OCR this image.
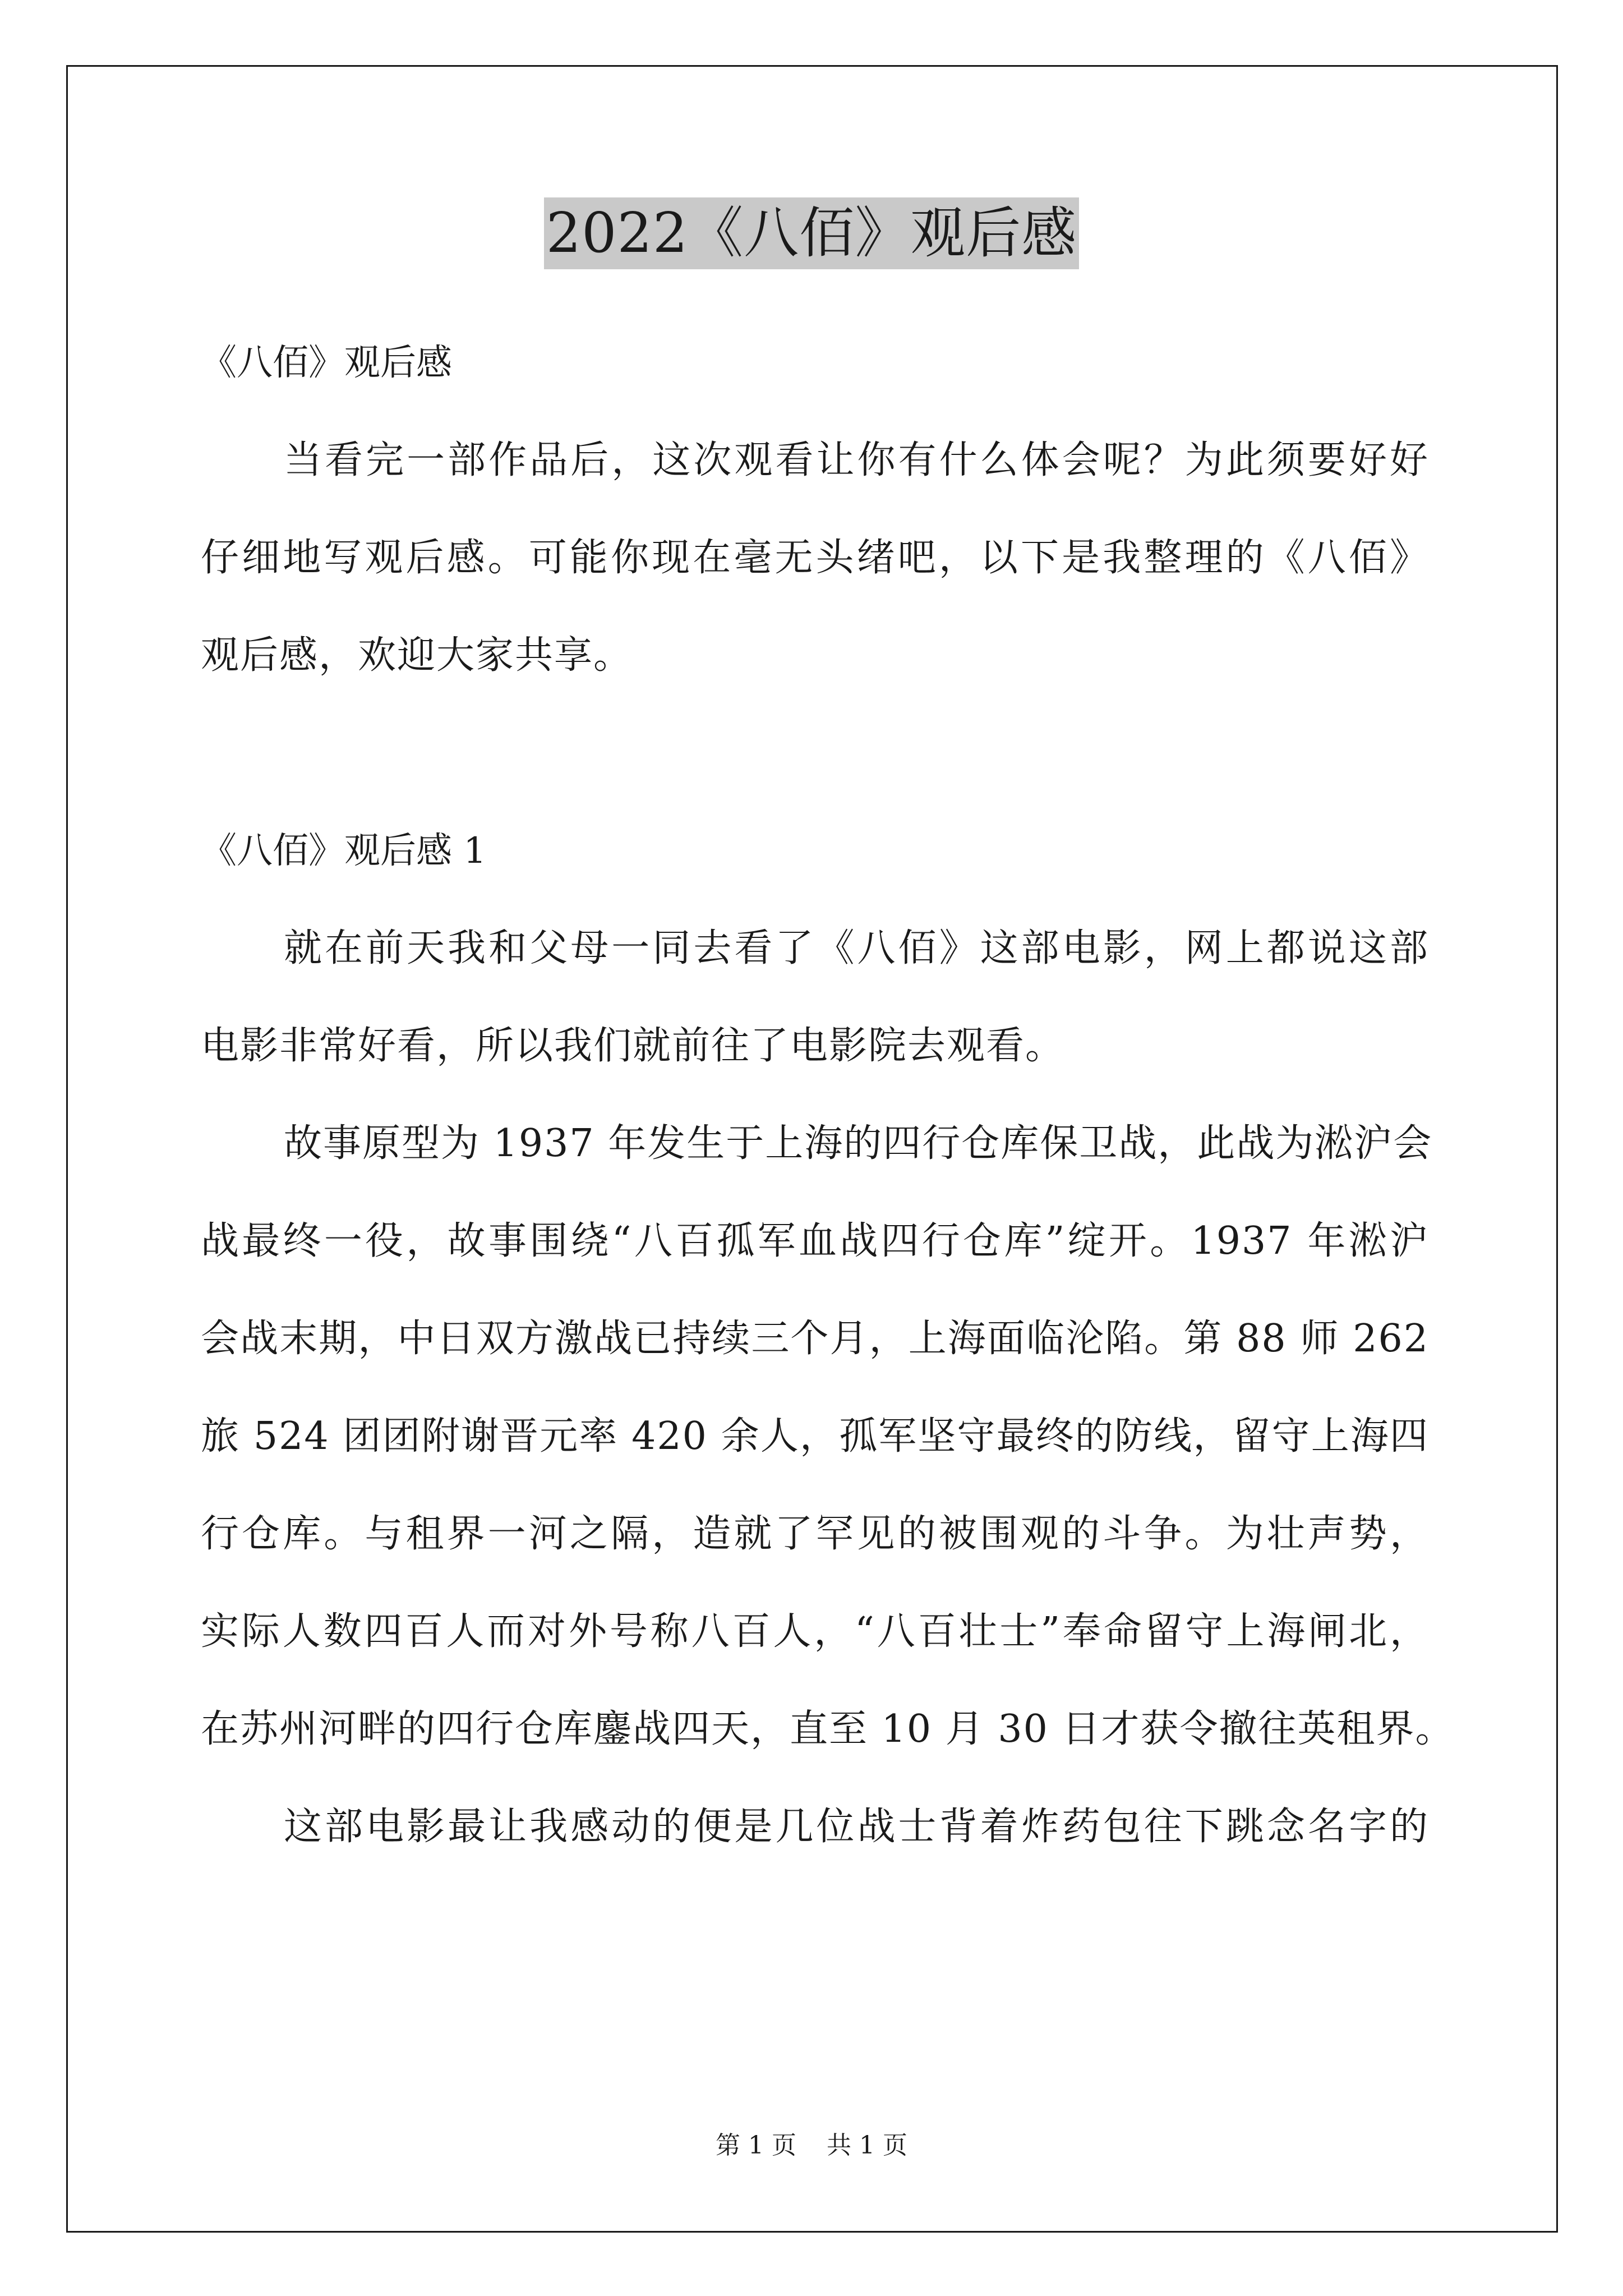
2022《八佰》观后感
《八佰》观后感
当看完一部作品后，这次观看让你有什么体会呢？为此须要好好
仔细地写观后感。可能你现在毫无头绪吧，以下是我整理的《八佰》
观后感，欢迎大家共享。
《八佰》观后感 1
就在前天我和父母一同去看了《八佰》这部电影，网上都说这部
电影非常好看，所以我们就前往了电影院去观看。
故事原型为 1937 年发生于上海的四行仓库保卫战，此战为淞沪会
战最终一役，故事围绕“八百孤军血战四行仓库”绽开。1937 年淞沪
会战末期，中日双方激战已持续三个月，上海面临沦陷。第 88 师 262
旅 524 团团附谢晋元率 420 余人，孤军坚守最终的防线，留守上海四
行仓库。与租界一河之隔，造就了罕见的被围观的斗争。为壮声势，
实际人数四百人而对外号称八百人，“八百壮士”奉命留守上海闸北，
在苏州河畔的四行仓库鏖战四天，直至 10 月 30 日才获令撤往英租界。
这部电影最让我感动的便是几位战士背着炸药包往下跳念名字的
第 1 页 共 1 页
